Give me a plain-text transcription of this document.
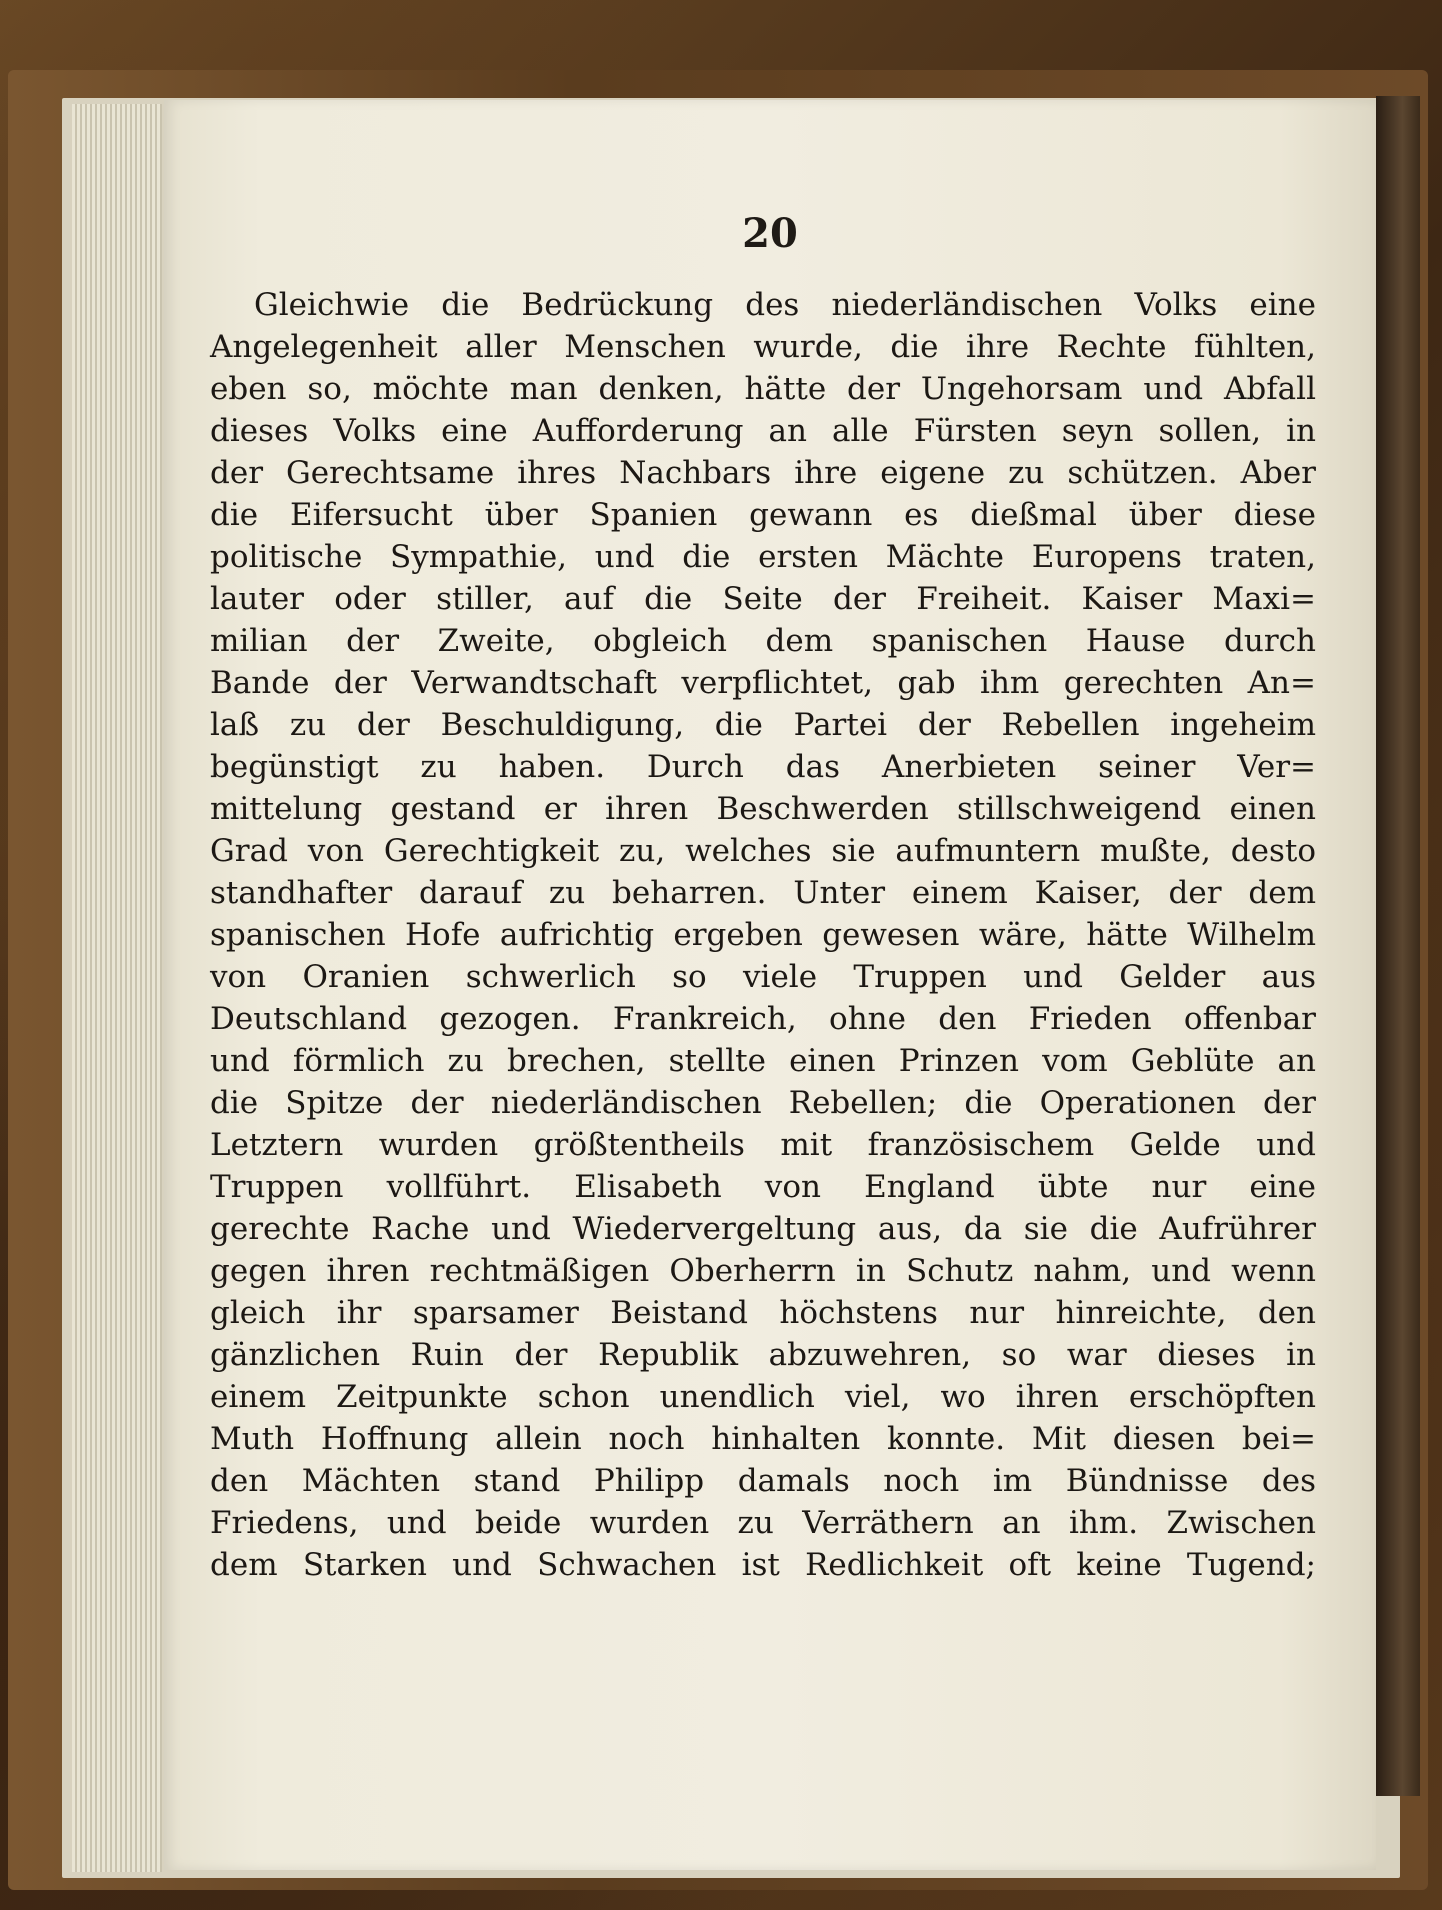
20
Gleichwie die Bedrückung des niederländischen Volks eine
Angelegenheit aller Menschen wurde, die ihre Rechte fühlten,
eben so, möchte man denken, hätte der Ungehorsam und Abfall
dieses Volks eine Aufforderung an alle Fürsten seyn sollen, in
der Gerechtsame ihres Nachbars ihre eigene zu schützen. Aber
die Eifersucht über Spanien gewann es dießmal über diese
politische Sympathie, und die ersten Mächte Europens traten,
lauter oder stiller, auf die Seite der Freiheit. Kaiser Maxi=
milian der Zweite, obgleich dem spanischen Hause durch
Bande der Verwandtschaft verpflichtet, gab ihm gerechten An=
laß zu der Beschuldigung, die Partei der Rebellen ingeheim
begünstigt zu haben. Durch das Anerbieten seiner Ver=
mittelung gestand er ihren Beschwerden stillschweigend einen
Grad von Gerechtigkeit zu, welches sie aufmuntern mußte, desto
standhafter darauf zu beharren. Unter einem Kaiser, der dem
spanischen Hofe aufrichtig ergeben gewesen wäre, hätte Wilhelm
von Oranien schwerlich so viele Truppen und Gelder aus
Deutschland gezogen. Frankreich, ohne den Frieden offenbar
und förmlich zu brechen, stellte einen Prinzen vom Geblüte an
die Spitze der niederländischen Rebellen; die Operationen der
Letztern wurden größtentheils mit französischem Gelde und
Truppen vollführt. Elisabeth von England übte nur eine
gerechte Rache und Wiedervergeltung aus, da sie die Aufrührer
gegen ihren rechtmäßigen Oberherrn in Schutz nahm, und wenn
gleich ihr sparsamer Beistand höchstens nur hinreichte, den
gänzlichen Ruin der Republik abzuwehren, so war dieses in
einem Zeitpunkte schon unendlich viel, wo ihren erschöpften
Muth Hoffnung allein noch hinhalten konnte. Mit diesen bei=
den Mächten stand Philipp damals noch im Bündnisse des
Friedens, und beide wurden zu Verräthern an ihm. Zwischen
dem Starken und Schwachen ist Redlichkeit oft keine Tugend;
